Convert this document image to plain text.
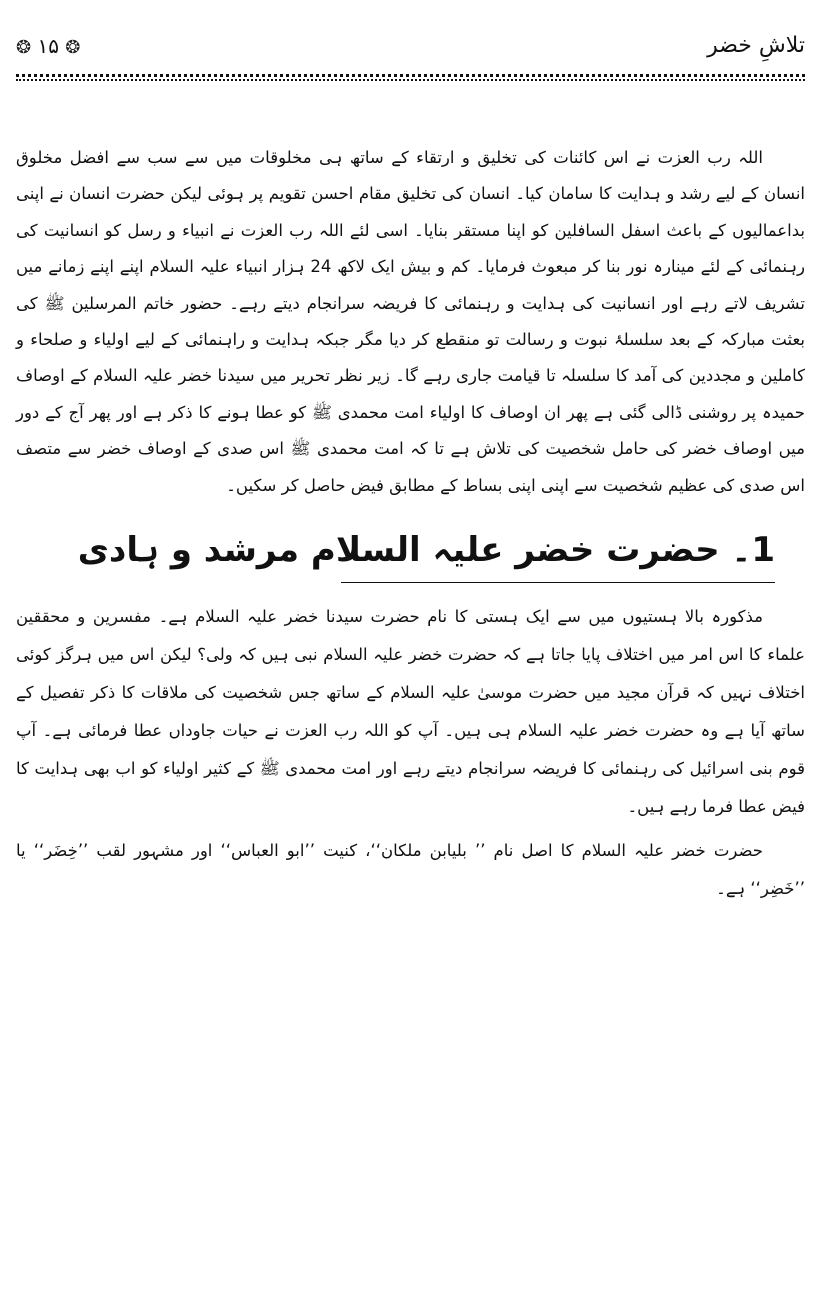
تلاشِ خضر
❂ ۱۵ ❂

اللہ رب العزت نے اس کائنات کی تخلیق و ارتقاء کے ساتھ ہی مخلوقات میں سے سب سے افضل مخلوق انسان کے لیے رشد و ہدایت کا سامان کیا۔ انسان کی تخلیق مقام احسن تقویم پر ہوئی لیکن حضرت انسان نے اپنی بداعمالیوں کے باعث اسفل السافلین کو اپنا مستقر بنایا۔ اسی لئے اللہ رب العزت نے انبیاء و رسل کو انسانیت کی رہنمائی کے لئے مینارہ نور بنا کر مبعوث فرمایا۔ کم و بیش ایک لاکھ 24 ہزار انبیاء علیہ السلام اپنے اپنے زمانے میں تشریف لاتے رہے اور انسانیت کی ہدایت و رہنمائی کا فریضہ سرانجام دیتے رہے۔ حضور خاتم المرسلین ﷺ کی بعثت مبارکہ کے بعد سلسلۂ نبوت و رسالت تو منقطع کر دیا مگر جبکہ ہدایت و راہنمائی کے لیے اولیاء و صلحاء و کاملین و مجددین کی آمد کا سلسلہ تا قیامت جاری رہے گا۔ زیر نظر تحریر میں سیدنا خضر علیہ السلام کے اوصاف حمیدہ پر روشنی ڈالی گئی ہے پھر ان اوصاف کا اولیاء امت محمدی ﷺ کو عطا ہونے کا ذکر ہے اور پھر آج کے دور میں اوصاف خضر کی حامل شخصیت کی تلاش ہے تا کہ امت محمدی ﷺ اس صدی کے اوصاف خضر سے متصف اس صدی کی عظیم شخصیت سے اپنی اپنی بساط کے مطابق فیض حاصل کر سکیں۔

1۔ حضرت خضر علیہ السلام مرشد و ہادی

مذکورہ بالا ہستیوں میں سے ایک ہستی کا نام حضرت سیدنا خضر علیہ السلام ہے۔ مفسرین و محققین علماء کا اس امر میں اختلاف پایا جاتا ہے کہ حضرت خضر علیہ السلام نبی ہیں کہ ولی؟ لیکن اس میں ہرگز کوئی اختلاف نہیں کہ قرآن مجید میں حضرت موسیٰ علیہ السلام کے ساتھ جس شخصیت کی ملاقات کا ذکر تفصیل کے ساتھ آیا ہے وہ حضرت خضر علیہ السلام ہی ہیں۔ آپ کو اللہ رب العزت نے حیات جاوداں عطا فرمائی ہے۔ آپ قوم بنی اسرائیل کی رہنمائی کا فریضہ سرانجام دیتے رہے اور امت محمدی ﷺ کے کثیر اولیاء کو اب بھی ہدایت کا فیض عطا فرما رہے ہیں۔

حضرت خضر علیہ السلام کا اصل نام ’’ بلیابن ملکان‘‘، کنیت ’’ابو العباس‘‘ اور مشہور لقب ’’خِضَر‘‘ یا ’’خَضِر‘‘ ہے۔
